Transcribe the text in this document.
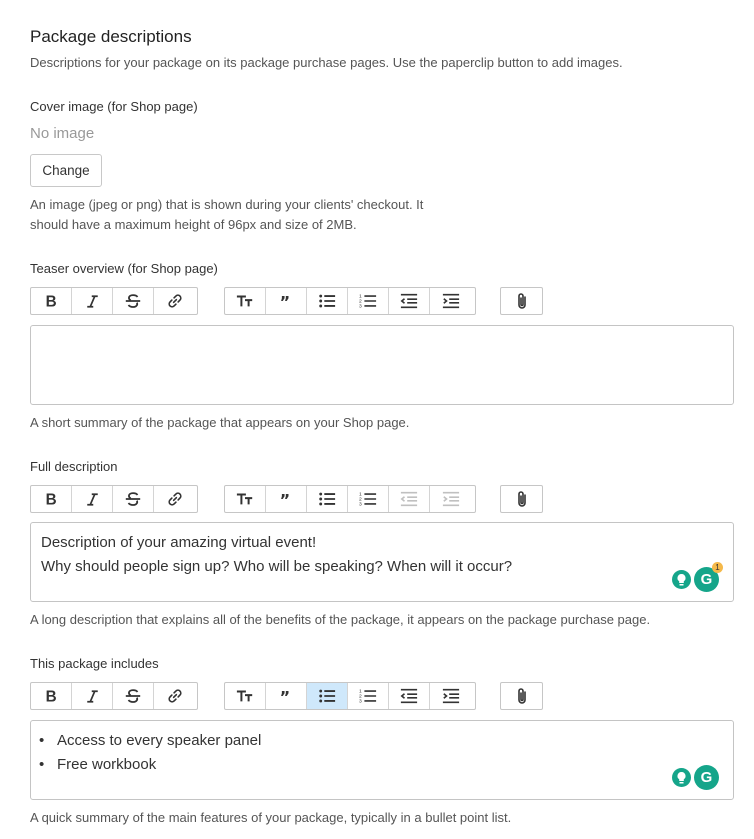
Package descriptions
Descriptions for your package on its package purchase pages. Use the paperclip button to add images.
Cover image (for Shop page)
No image
Change
An image (jpeg or png) that is shown during your clients' checkout. It
should have a maximum height of 96px and size of 2MB.
Teaser overview (for Shop page)
A short summary of the package that appears on your Shop page.
Full description
Description of your amazing virtual event!
Why should people sign up? Who will be speaking? When will it occur?
G
1
A long description that explains all of the benefits of the package, it appears on the package purchase page.
This package includes
• Access to every speaker panel
• Free workbook
G
A quick summary of the main features of your package, typically in a bullet point list.
